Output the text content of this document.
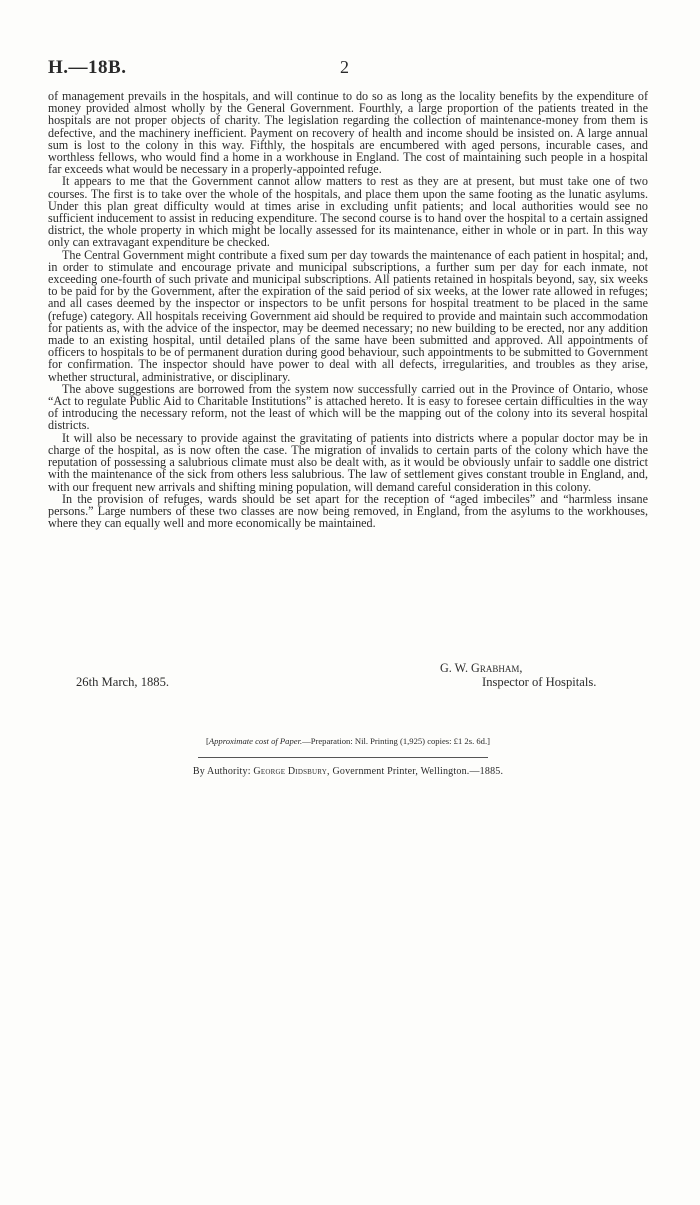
H.—18B.	2

of management prevails in the hospitals, and will continue to do so as long as the locality benefits by the expenditure of money provided almost wholly by the General Government. Fourthly, a large proportion of the patients treated in the hospitals are not proper objects of charity. The legislation regarding the collection of maintenance-money from them is defective, and the machinery inefficient. Payment on recovery of health and income should be insisted on. A large annual sum is lost to the colony in this way. Fifthly, the hospitals are encumbered with aged persons, incurable cases, and worthless fellows, who would find a home in a workhouse in England. The cost of maintaining such people in a hospital far exceeds what would be necessary in a properly-appointed refuge.

It appears to me that the Government cannot allow matters to rest as they are at present, but must take one of two courses. The first is to take over the whole of the hospitals, and place them upon the same footing as the lunatic asylums. Under this plan great difficulty would at times arise in excluding unfit patients; and local authorities would see no sufficient inducement to assist in reducing expenditure. The second course is to hand over the hospital to a certain assigned district, the whole property in which might be locally assessed for its maintenance, either in whole or in part. In this way only can extravagant expenditure be checked.

The Central Government might contribute a fixed sum per day towards the maintenance of each patient in hospital; and, in order to stimulate and encourage private and municipal subscriptions, a further sum per day for each inmate, not exceeding one-fourth of such private and municipal subscriptions. All patients retained in hospitals beyond, say, six weeks to be paid for by the Government, after the expiration of the said period of six weeks, at the lower rate allowed in refuges; and all cases deemed by the inspector or inspectors to be unfit persons for hospital treatment to be placed in the same (refuge) category. All hospitals receiving Government aid should be required to provide and maintain such accommodation for patients as, with the advice of the inspector, may be deemed necessary; no new building to be erected, nor any addition made to an existing hospital, until detailed plans of the same have been submitted and approved. All appointments of officers to hospitals to be of permanent duration during good behaviour, such appointments to be submitted to Government for confirmation. The inspector should have power to deal with all defects, irregularities, and troubles as they arise, whether structural, administrative, or disciplinary.

The above suggestions are borrowed from the system now successfully carried out in the Province of Ontario, whose “Act to regulate Public Aid to Charitable Institutions” is attached hereto. It is easy to foresee certain difficulties in the way of introducing the necessary reform, not the least of which will be the mapping out of the colony into its several hospital districts.

It will also be necessary to provide against the gravitating of patients into districts where a popular doctor may be in charge of the hospital, as is now often the case. The migration of invalids to certain parts of the colony which have the reputation of possessing a salubrious climate must also be dealt with, as it would be obviously unfair to saddle one district with the maintenance of the sick from others less salubrious. The law of settlement gives constant trouble in England, and, with our frequent new arrivals and shifting mining population, will demand careful consideration in this colony.

In the provision of refuges, wards should be set apart for the reception of “aged imbeciles” and “harmless insane persons.” Large numbers of these two classes are now being removed, in England, from the asylums to the workhouses, where they can equally well and more economically be maintained.

G. W. Grabham,
26th March, 1885.	Inspector of Hospitals.
[Approximate cost of Paper.—Preparation: Nil. Printing (1,925) copies: £1 2s. 6d.]
By Authority: George Didsbury, Government Printer, Wellington.—1885.
